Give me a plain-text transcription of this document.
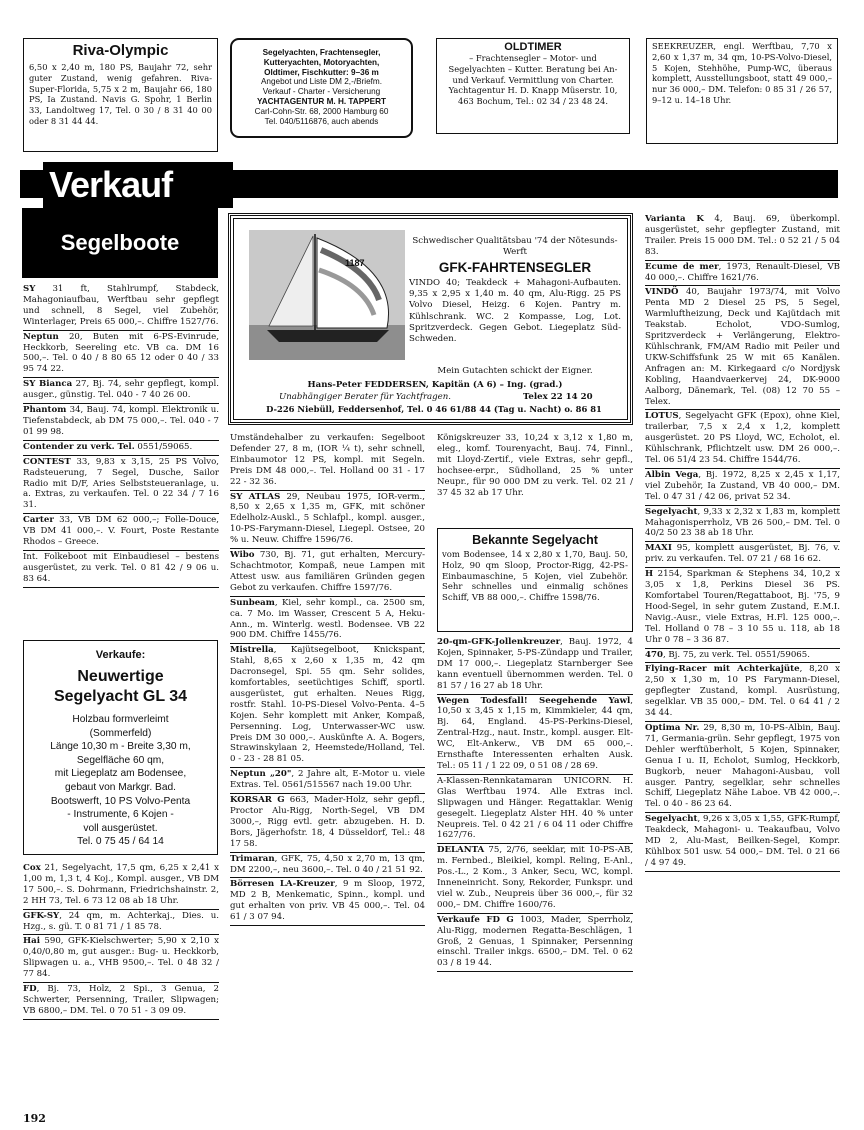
Riva-Olympic
6,50 x 2,40 m, 180 PS, Baujahr 72, sehr guter Zustand, wenig gefahren. Riva-Super-Florida, 5,75 x 2 m, Baujahr 66, 180 PS, Ia Zustand. Navis G. Spohr, 1 Berlin 33, Landoltweg 17, Tel. 0 30 / 8 31 40 00 oder 8 31 44 44.
Segelyachten, Frachtensegler,
Kutteryachten, Motoryachten,
Oldtimer, Fischkutter: 9–36 m
Angebot und Liste DM 2,-/Briefm.
Verkauf - Charter - Versicherung
YACHTAGENTUR M. H. TAPPERT
Carl-Cohn-Str. 68, 2000 Hamburg 60
Tel. 040/5116876, auch abends
OLDTIMER
– Frachtensegler – Motor- und Segelyachten – Kutter. Beratung bei An- und Verkauf. Vermittlung von Charter. Yachtagentur H. D. Knapp Müserstr. 10, 463 Bochum, Tel.: 02 34 / 23 48 24.
SEEKREUZER, engl. Werftbau, 7,70 x 2,60 x 1,37 m, 34 qm, 10-PS-Volvo-Diesel, 5 Kojen, Stehhöhe, Pump-WC, überaus komplett, Ausstellungsboot, statt 49 000,– nur 36 000,– DM. Telefon: 0 85 31 / 26 57, 9–12 u. 14–18 Uhr.
Verkauf
Segelboote

SY 31 ft, Stahlrumpf, Stabdeck, Mahagoniaufbau, Werftbau sehr gepflegt und schnell, 8 Segel, viel Zubehör, Winterlager, Preis 65 000,–. Chiffre 1527/76.

Neptun 20, Buten mit 6-PS-Evinrude, Heckkorb, Seereling etc. VB ca. DM 16 500,–. Tel. 0 40 / 8 80 65 12 oder 0 40 / 33 95 74 22.

SY Bianca 27, Bj. 74, sehr gepflegt, kompl. ausger., günstig. Tel. 040 - 7 40 26 00.

Phantom 34, Bauj. 74, kompl. Elektronik u. Tiefenstabdeck, ab DM 75 000,–. Tel. 040 - 7 01 99 98.

Contender zu verk. Tel. 0551/59065.

CONTEST 33, 9,83 x 3,15, 25 PS Volvo, Radsteuerung, 7 Segel, Dusche, Sailor Radio mit D/F, Aries Selbststeueranlage, u. a. Extras, zu verkaufen. Tel. 0 22 34 / 7 16 31.

Carter 33, VB DM 62 000,–; Folle-Douce, VB DM 41 000,–. V. Fourt, Poste Restante Rhodos – Greece.

Int. Folkeboot mit Einbaudiesel – bestens ausgerüstet, zu verk. Tel. 0 81 42 / 9 06 u. 83 64.

Verkaufe:
Neuwertige
Segelyacht GL 34
Holzbau formverleimt
(Sommerfeld)
Länge 10,30 m - Breite 3,30 m,
Segelfläche 60 qm,
mit Liegeplatz am Bodensee,
gebaut von Markgr. Bad.
Bootswerft, 10 PS Volvo-Penta
- Instrumente, 6 Kojen -
voll ausgerüstet.
Tel. 0 75 45 / 64 14

Cox 21, Segelyacht, 17,5 qm, 6,25 x 2,41 x 1,00 m, 1,3 t, 4 Koj., Kompl. ausger., VB DM 17 500,–. S. Dohrmann, Friedrichshainstr. 2, 2 HH 73, Tel. 6 73 12 08 ab 18 Uhr.

GFK-SY, 24 qm, m. Achterkaj., Dies. u. Hzg., s. gü. T. 0 81 71 / 1 85 78.

Hai 590, GFK-Kielschwerter; 5,90 x 2,10 x 0,40/0,80 m, gut ausger.: Bug- u. Heckkorb, Slipwagen u. a., VHB 9500,–. Tel. 0 48 32 / 77 84.

FD, Bj. 73, Holz, 2 Spi., 3 Genua, 2 Schwerter, Persenning, Trailer, Slipwagen; VB 6800,– DM. Tel. 0 70 51 - 3 09 09.

1187
Schwedischer Qualitätsbau '74 der Nötesunds-Werft
GFK-FAHRTENSEGLER
VINDÖ 40; Teakdeck + Mahagoni-Aufbauten. 9,35 x 2,95 x 1,40 m. 40 qm, Alu-Rigg. 25 PS Volvo Diesel, Heizg. 6 Kojen. Pantry m. Kühlschrank. WC. 2 Kompasse, Log, Lot. Spritzverdeck. Gegen Gebot. Liegeplatz Süd-Schweden.
Mein Gutachten schickt der Eigner.
Hans-Peter FEDDERSEN, Kapitän (A 6) – Ing. (grad.)
Unabhängiger Berater für Yachtfragen.	Telex 22 14 20
D-226 Niebüll, Feddersenhof, Tel. 0 46 61/88 44 (Tag u. Nacht) o. 86 81

Umständehalber zu verkaufen: Segelboot Defender 27, 8 m, (IOR ¼ t), sehr schnell, Einbaumotor 12 PS, kompl. mit Segeln. Preis DM 48 000,–. Tel. Holland 00 31 - 17 22 - 32 36.

SY ATLAS 29, Neubau 1975, IOR-verm., 8,50 x 2,65 x 1,35 m, GFK, mit schöner Edelholz-Auskl., 5 Schlafpl., kompl. ausger., 10-PS-Farymann-Diesel, Liegepl. Ostsee, 20 % u. Neuw. Chiffre 1596/76.

Wibo 730, Bj. 71, gut erhalten, Mercury-Schachtmotor, Kompaß, neue Lampen mit Attest usw. aus familiären Gründen gegen Gebot zu verkaufen. Chiffre 1597/76.

Sunbeam, Kiel, sehr kompl., ca. 2500 sm, ca. 7 Mo. im Wasser, Crescent 5 A, Heku-Ann., m. Winterlg. westl. Bodensee. VB 22 900 DM. Chiffre 1455/76.

Mistrella, Kajütsegelboot, Knickspant, Stahl, 8,65 x 2,60 x 1,35 m, 42 qm Dacronsegel, Spi. 55 qm. Sehr solides, komfortables, seetüchtiges Schiff, sportl. ausgerüstet, gut erhalten. Neues Rigg, rostfr. Stahl. 10-PS-Diesel Volvo-Penta. 4–5 Kojen. Sehr komplett mit Anker, Kompaß, Persenning. Log, Unterwasser-WC usw. Preis DM 30 000,–. Auskünfte A. A. Bogers, Strawinskylaan 2, Heemstede/Holland, Tel. 0 - 23 - 28 81 05.

Neptun „20", 2 Jahre alt, E-Motor u. viele Extras. Tel. 0561/515567 nach 19.00 Uhr.

KORSAR G 663, Mader-Holz, sehr gepfl., Proctor Alu-Rigg, North-Segel, VB DM 3000,–, Rigg evtl. getr. abzugeben. H. D. Bors, Jägerhofstr. 18, 4 Düsseldorf, Tel.: 48 17 58.

Trimaran, GFK, 75, 4,50 x 2,70 m, 13 qm, DM 2200,–, neu 3600,–. Tel. 0 40 / 21 51 92.

Börresen LA-Kreuzer, 9 m Sloop, 1972, MD 2 B, Menkematic, Spinn., kompl. und gut erhalten von priv. VB 45 000,–. Tel. 04 61 / 3 07 94.

Königskreuzer 33, 10,24 x 3,12 x 1,80 m, eleg., komf. Tourenyacht, Bauj. 74, Finnl., mit Lloyd-Zertif., viele Extras, sehr gepfl., hochsee-erpr., Südholland, 25 % unter Neupr., für 90 000 DM zu verk. Tel. 02 21 / 37 45 32 ab 17 Uhr.

Bekannte Segelyacht
vom Bodensee, 14 x 2,80 x 1,70, Bauj. 50, Holz, 90 qm Sloop, Proctor-Rigg, 42-PS-Einbaumaschine, 5 Kojen, viel Zubehör. Sehr schnelles und einmalig schönes Schiff, VB 88 000,–. Chiffre 1598/76.

20-qm-GFK-Jollenkreuzer, Bauj. 1972, 4 Kojen, Spinnaker, 5-PS-Zündapp und Trailer, DM 17 000,–. Liegeplatz Starnberger See kann eventuell übernommen werden. Tel. 0 81 57 / 16 27 ab 18 Uhr.

Wegen Todesfall! Seegehende Yawl, 10,50 x 3,45 x 1,15 m, Kimmkieler, 44 qm, Bj. 64, England. 45-PS-Perkins-Diesel, Zentral-Hzg., naut. Instr., kompl. ausger. Elt-WC, Elt-Ankerw., VB DM 65 000,–. Ernsthafte Interessenten erhalten Ausk. Tel.: 05 11 / 1 22 09, 0 51 08 / 28 69.

A-Klassen-Rennkatamaran UNICORN. H. Glas Werftbau 1974. Alle Extras incl. Slipwagen und Hänger. Regattaklar. Wenig gesegelt. Liegeplatz Alster HH. 40 % unter Neupreis. Tel. 0 42 21 / 6 04 11 oder Chiffre 1627/76.

DELANTA 75, 2/76, seeklar, mit 10-PS-AB, m. Fernbed., Bleikiel, kompl. Reling, E-Anl., Pos.-L., 2 Kom., 3 Anker, Secu, WC, kompl. Inneneinricht. Sony, Rekorder, Funkspr. und viel w. Zub., Neupreis über 36 000,–, für 32 000,– DM. Chiffre 1600/76.

Verkaufe FD G 1003, Mader, Sperrholz, Alu-Rigg, modernen Regatta-Beschlägen, 1 Groß, 2 Genuas, 1 Spinnaker, Persenning einschl. Trailer inkgs. 6500,– DM. Tel. 0 62 03 / 8 19 44.

Varianta K 4, Bauj. 69, überkompl. ausgerüstet, sehr gepflegter Zustand, mit Trailer. Preis 15 000 DM. Tel.: 0 52 21 / 5 04 83.

Ecume de mer, 1973, Renault-Diesel, VB 40 000,–. Chiffre 1621/76.

VINDÖ 40, Baujahr 1973/74, mit Volvo Penta MD 2 Diesel 25 PS, 5 Segel, Warmluftheizung, Deck und Kajütdach mit Teakstab. Echolot, VDO-Sumlog, Spritzverdeck + Verlängerung, Elektro-Kühlschrank, FM/AM Radio mit Peiler und UKW-Schiffsfunk 25 W mit 65 Kanälen. Anfragen an: M. Kirkegaard c/o Nordjysk Kobling, Haandvaerkervej 24, DK-9000 Aalborg, Dänemark, Tel. (08) 12 70 55 – Telex.

LOTUS, Segelyacht GFK (Epox), ohne Kiel, trailerbar, 7,5 x 2,4 x 1,2, komplett ausgerüstet. 20 PS Lloyd, WC, Echolot, el. Kühlschrank, Pflichtzelt usw. DM 26 000,–. Tel. 06 51/4 23 54. Chiffre 1544/76.

Albin Vega, Bj. 1972, 8,25 x 2,45 x 1,17, viel Zubehör, Ia Zustand, VB 40 000,– DM. Tel. 0 47 31 / 42 06, privat 52 34.

Segelyacht, 9,33 x 2,32 x 1,83 m, komplett Mahagonisperrholz, VB 26 500,– DM. Tel. 0 40/2 50 23 38 ab 18 Uhr.

MAXI 95, komplett ausgerüstet, Bj. 76, v. priv. zu verkaufen. Tel. 07 21 / 68 16 62.

H 2154, Sparkman & Stephens 34, 10,2 x 3,05 x 1,8, Perkins Diesel 36 PS. Komfortabel Touren/Regattaboot, Bj. '75, 9 Hood-Segel, in sehr gutem Zustand, E.M.I. Navig.-Ausr., viele Extras, H.Fl. 125 000,–. Tel. Holland 0 78 – 3 10 55 u. 118, ab 18 Uhr 0 78 – 3 36 87.

470, Bj. 75, zu verk. Tel. 0551/59065.

Flying-Racer mit Achterkajüte, 8,20 x 2,50 x 1,30 m, 10 PS Farymann-Diesel, gepflegter Zustand, kompl. Ausrüstung, segelklar. VB 35 000,– DM. Tel. 0 64 41 / 2 34 44.

Optima Nr. 29, 8,30 m, 10-PS-Albin, Bauj. 71, Germania-grün. Sehr gepflegt, 1975 von Dehler werftüberholt, 5 Kojen, Spinnaker, Genua I u. II, Echolot, Sumlog, Heckkorb, Bugkorb, neuer Mahagoni-Ausbau, voll ausger. Pantry, segelklar, sehr schnelles Schiff, Liegeplatz Nähe Laboe. VB 42 000,–. Tel. 0 40 - 86 23 64.

Segelyacht, 9,26 x 3,05 x 1,55, GFK-Rumpf, Teakdeck, Mahagoni- u. Teakaufbau, Volvo MD 2, Alu-Mast, Beilken-Segel, Kompr. Kühlbox 501 usw. 54 000,– DM. Tel. 0 21 66 / 4 97 49.

192
